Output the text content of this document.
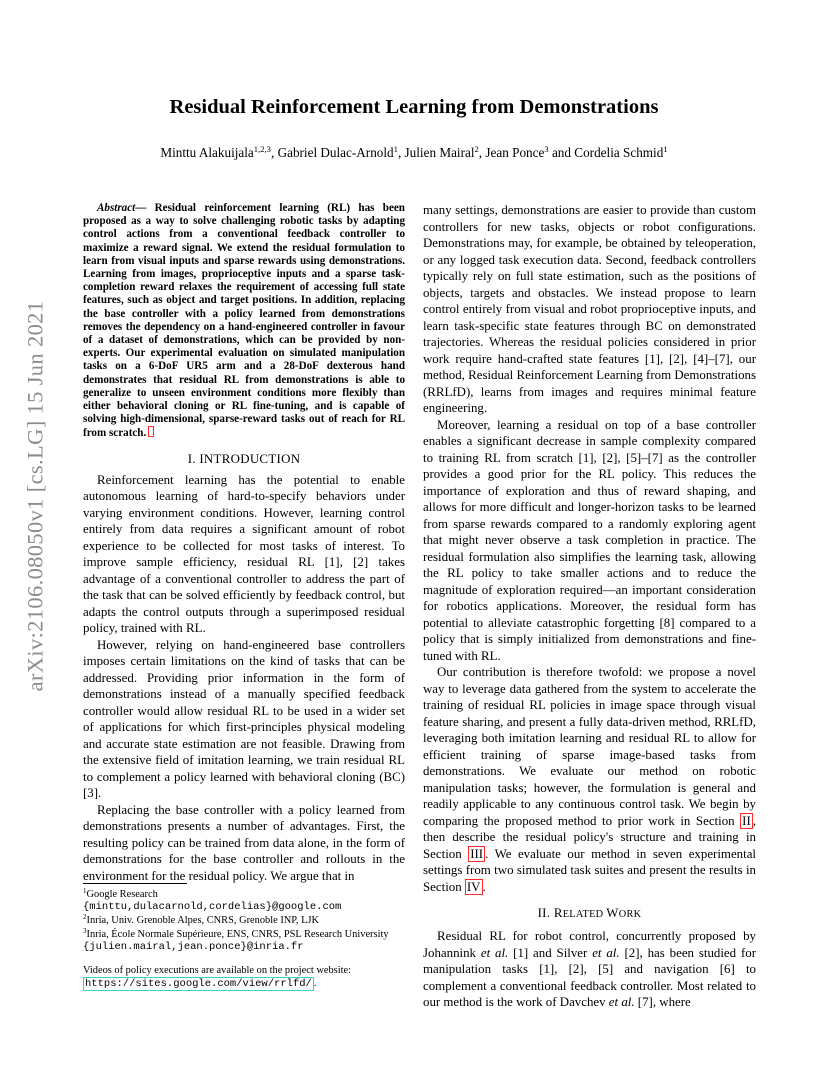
arXiv:2106.08050v1 [cs.LG] 15 Jun 2021
Residual Reinforcement Learning from Demonstrations
Minttu Alakuijala$^{1,2,3}$, Gabriel Dulac-Arnold$^1$, Julien Mairal$^2$, Jean Ponce$^3$ and Cordelia Schmid$^1$

Abstract— Residual reinforcement learning (RL) has been proposed as a way to solve challenging robotic tasks by adapting control actions from a conventional feedback controller to maximize a reward signal. We extend the residual formulation to learn from visual inputs and sparse rewards using demonstrations. Learning from images, proprioceptive inputs and a sparse task-completion reward relaxes the requirement of accessing full state features, such as object and target positions. In addition, replacing the base controller with a policy learned from demonstrations removes the dependency on a hand-engineered controller in favour of a dataset of demonstrations, which can be provided by non-experts. Our experimental evaluation on simulated manipulation tasks on a 6-DoF UR5 arm and a 28-DoF dexterous hand demonstrates that residual RL from demonstrations is able to generalize to unseen environment conditions more flexibly than either behavioral cloning or RL fine-tuning, and is capable of solving high-dimensional, sparse-reward tasks out of reach for RL from scratch.

I. INTRODUCTION

Reinforcement learning has the potential to enable autonomous learning of hard-to-specify behaviors under varying environment conditions. However, learning control entirely from data requires a significant amount of robot experience to be collected for most tasks of interest. To improve sample efficiency, residual RL [1], [2] takes advantage of a conventional controller to address the part of the task that can be solved efficiently by feedback control, but adapts the control outputs through a superimposed residual policy, trained with RL.

However, relying on hand-engineered base controllers imposes certain limitations on the kind of tasks that can be addressed. Providing prior information in the form of demonstrations instead of a manually specified feedback controller would allow residual RL to be used in a wider set of applications for which first-principles physical modeling and accurate state estimation are not feasible. Drawing from the extensive field of imitation learning, we train residual RL to complement a policy learned with behavioral cloning (BC) [3].

Replacing the base controller with a policy learned from demonstrations presents a number of advantages. First, the resulting policy can be trained from data alone, in the form of demonstrations for the base controller and rollouts in the environment for the residual policy. We argue that in

$^1$Google Research
{minttu,dulacarnold,cordelias}@google.com
$^2$Inria, Univ. Grenoble Alpes, CNRS, Grenoble INP, LJK
$^3$Inria, École Normale Supérieure, ENS, CNRS, PSL Research University
{julien.mairal,jean.ponce}@inria.fr
Videos of policy executions are available on the project website:
https://sites.google.com/view/rrlfd/ .

many settings, demonstrations are easier to provide than custom controllers for new tasks, objects or robot configurations. Demonstrations may, for example, be obtained by teleoperation, or any logged task execution data. Second, feedback controllers typically rely on full state estimation, such as the positions of objects, targets and obstacles. We instead propose to learn control entirely from visual and robot proprioceptive inputs, and learn task-specific state features through BC on demonstrated trajectories. Whereas the residual policies considered in prior work require hand-crafted state features [1], [2], [4]–[7], our method, Residual Reinforcement Learning from Demonstrations (RRLfD), learns from images and requires minimal feature engineering.

Moreover, learning a residual on top of a base controller enables a significant decrease in sample complexity compared to training RL from scratch [1], [2], [5]–[7] as the controller provides a good prior for the RL policy. This reduces the importance of exploration and thus of reward shaping, and allows for more difficult and longer-horizon tasks to be learned from sparse rewards compared to a randomly exploring agent that might never observe a task completion in practice. The residual formulation also simplifies the learning task, allowing the RL policy to take smaller actions and to reduce the magnitude of exploration required—an important consideration for robotics applications. Moreover, the residual form has potential to alleviate catastrophic forgetting [8] compared to a policy that is simply initialized from demonstrations and fine-tuned with RL.

Our contribution is therefore twofold: we propose a novel way to leverage data gathered from the system to accelerate the training of residual RL policies in image space through visual feature sharing, and present a fully data-driven method, RRLfD, leveraging both imitation learning and residual RL to allow for efficient training of sparse image-based tasks from demonstrations. We evaluate our method on robotic manipulation tasks; however, the formulation is general and readily applicable to any continuous control task. We begin by comparing the proposed method to prior work in Section II , then describe the residual policy's structure and training in Section III . We evaluate our method in seven experimental settings from two simulated task suites and present the results in Section IV .

II. RELATED WORK

Residual RL for robot control, concurrently proposed by Johannink et al. [1] and Silver et al. [2], has been studied for manipulation tasks [1], [2], [5] and navigation [6] to complement a conventional feedback controller. Most related to our method is the work of Davchev et al. [7], where
